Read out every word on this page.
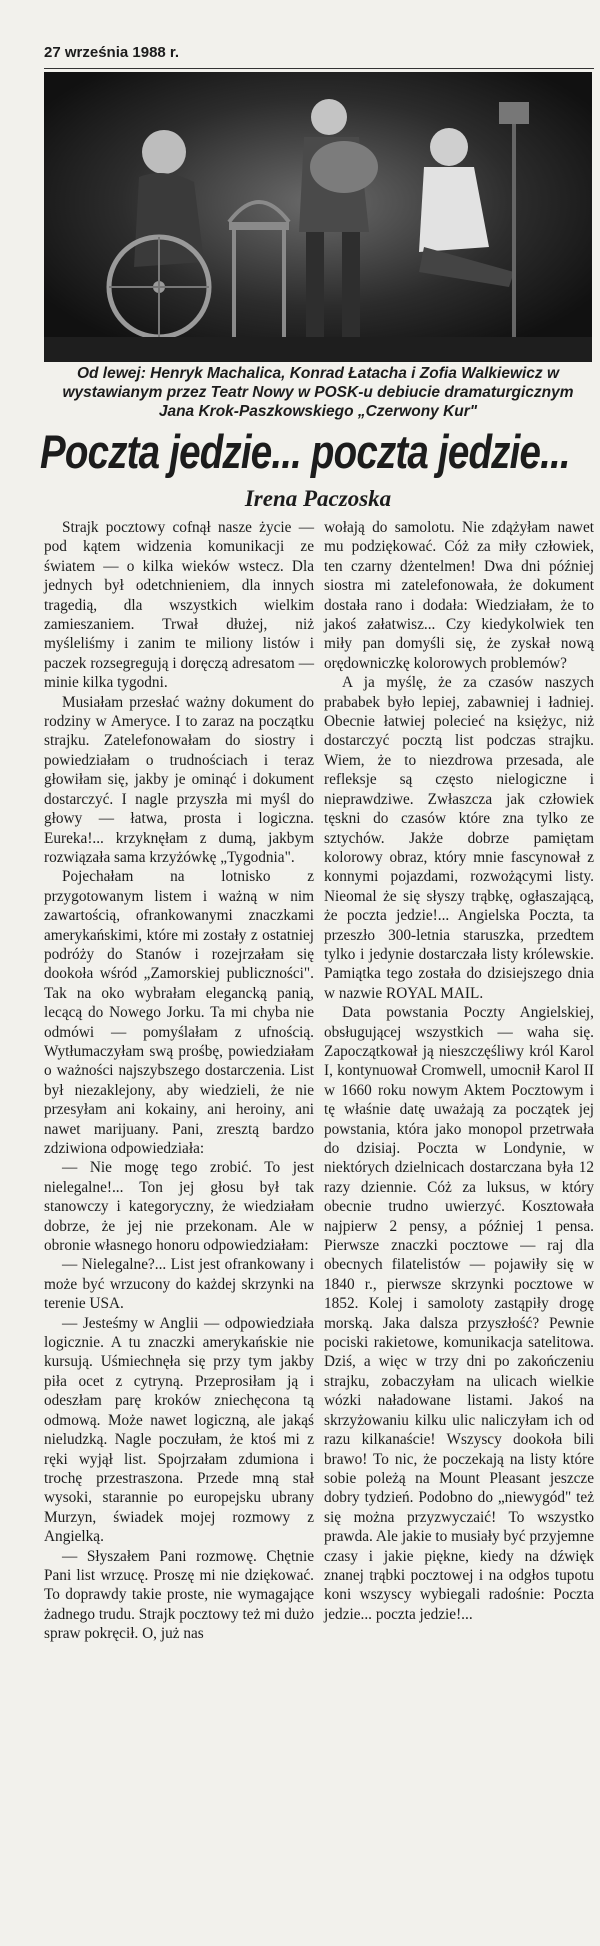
27 września 1988 r.
Od lewej: Henryk Machalica, Konrad Łatacha i Zofia Walkiewicz w wystawianym przez Teatr Nowy w POSK-u debiucie dramaturgicznym Jana Krok-Paszkowskiego „Czerwony Kur"
Poczta jedzie... poczta jedzie...
Irena Paczoska

Strajk pocztowy cofnął nasze życie — pod kątem widzenia komunikacji ze światem — o kilka wieków wstecz. Dla jednych był odetchnieniem, dla innych tragedią, dla wszystkich wielkim zamieszaniem. Trwał dłużej, niż myśleliśmy i zanim te miliony listów i paczek rozsegregują i doręczą adresatom — minie kilka tygodni.

Musiałam przesłać ważny dokument do rodziny w Ameryce. I to zaraz na początku strajku. Zatelefonowałam do siostry i powiedziałam o trudnościach i teraz głowiłam się, jakby je ominąć i dokument dostarczyć. I nagle przyszła mi myśl do głowy — łatwa, prosta i logiczna. Eureka!... krzyknęłam z dumą, jakbym rozwiązała sama krzyżówkę „Tygodnia".

Pojechałam na lotnisko z przygotowanym listem i ważną w nim zawartością, ofrankowanymi znaczkami amerykańskimi, które mi zostały z ostatniej podróży do Stanów i rozejrzałam się dookoła wśród „Zamorskiej publiczności". Tak na oko wybrałam elegancką panią, lecącą do Nowego Jorku. Ta mi chyba nie odmówi — pomyślałam z ufnością. Wytłumaczyłam swą prośbę, powiedziałam o ważności najszybszego dostarczenia. List był niezaklejony, aby wiedzieli, że nie przesyłam ani kokainy, ani heroiny, ani nawet marijuany. Pani, zresztą bardzo zdziwiona odpowiedziała:

— Nie mogę tego zrobić. To jest nielegalne!... Ton jej głosu był tak stanowczy i kategoryczny, że wiedziałam dobrze, że jej nie przekonam. Ale w obronie własnego honoru odpowiedziałam:

— Nielegalne?... List jest ofrankowany i może być wrzucony do każdej skrzynki na terenie USA.

— Jesteśmy w Anglii — odpowiedziała logicznie. A tu znaczki amerykańskie nie kursują. Uśmiechnęła się przy tym jakby piła ocet z cytryną. Przeprosiłam ją i odeszłam parę kroków zniechęcona tą odmową. Może nawet logiczną, ale jakąś nieludzką. Nagle poczułam, że ktoś mi z ręki wyjął list. Spojrzałam zdumiona i trochę przestraszona. Przede mną stał wysoki, starannie po europejsku ubrany Murzyn, świadek mojej rozmowy z Angielką.

— Słyszałem Pani rozmowę. Chętnie Pani list wrzucę. Proszę mi nie dziękować. To doprawdy takie proste, nie wymagające żadnego trudu. Strajk pocztowy też mi dużo spraw pokręcił. O, już nas

wołają do samolotu. Nie zdążyłam nawet mu podziękować. Cóż za miły człowiek, ten czarny dżentelmen! Dwa dni później siostra mi zatelefonowała, że dokument dostała rano i dodała: Wiedziałam, że to jakoś załatwisz... Czy kiedykolwiek ten miły pan domyśli się, że zyskał nową orędowniczkę kolorowych problemów?

A ja myślę, że za czasów naszych prababek było lepiej, zabawniej i ładniej. Obecnie łatwiej polecieć na księżyc, niż dostarczyć pocztą list podczas strajku. Wiem, że to niezdrowa przesada, ale refleksje są często nielogiczne i nieprawdziwe. Zwłaszcza jak człowiek tęskni do czasów które zna tylko ze sztychów. Jakże dobrze pamiętam kolorowy obraz, który mnie fascynował z konnymi pojazdami, rozwożącymi listy. Nieomal że się słyszy trąbkę, ogłaszającą, że poczta jedzie!... Angielska Poczta, ta przeszło 300-letnia staruszka, przedtem tylko i jedynie dostarczała listy królewskie. Pamiątka tego została do dzisiejszego dnia w nazwie ROYAL MAIL.

Data powstania Poczty Angielskiej, obsługującej wszystkich — waha się. Zapoczątkował ją nieszczęśliwy król Karol I, kontynuował Cromwell, umocnił Karol II w 1660 roku nowym Aktem Pocztowym i tę właśnie datę uważają za początek jej powstania, która jako monopol przetrwała do dzisiaj. Poczta w Londynie, w niektórych dzielnicach dostarczana była 12 razy dziennie. Cóż za luksus, w który obecnie trudno uwierzyć. Kosztowała najpierw 2 pensy, a później 1 pensa. Pierwsze znaczki pocztowe — raj dla obecnych filatelistów — pojawiły się w 1840 r., pierwsze skrzynki pocztowe w 1852. Kolej i samoloty zastąpiły drogę morską. Jaka dalsza przyszłość? Pewnie pociski rakietowe, komunikacja satelitowa. Dziś, a więc w trzy dni po zakończeniu strajku, zobaczyłam na ulicach wielkie wózki naładowane listami. Jakoś na skrzyżowaniu kilku ulic naliczyłam ich od razu kilkanaście! Wszyscy dookoła bili brawo! To nic, że poczekają na listy które sobie poleżą na Mount Pleasant jeszcze dobry tydzień. Podobno do „niewygód" też się można przyzwyczaić! To wszystko prawda. Ale jakie to musiały być przyjemne czasy i jakie piękne, kiedy na dźwięk znanej trąbki pocztowej i na odgłos tupotu koni wszyscy wybiegali radośnie: Poczta jedzie... poczta jedzie!...
